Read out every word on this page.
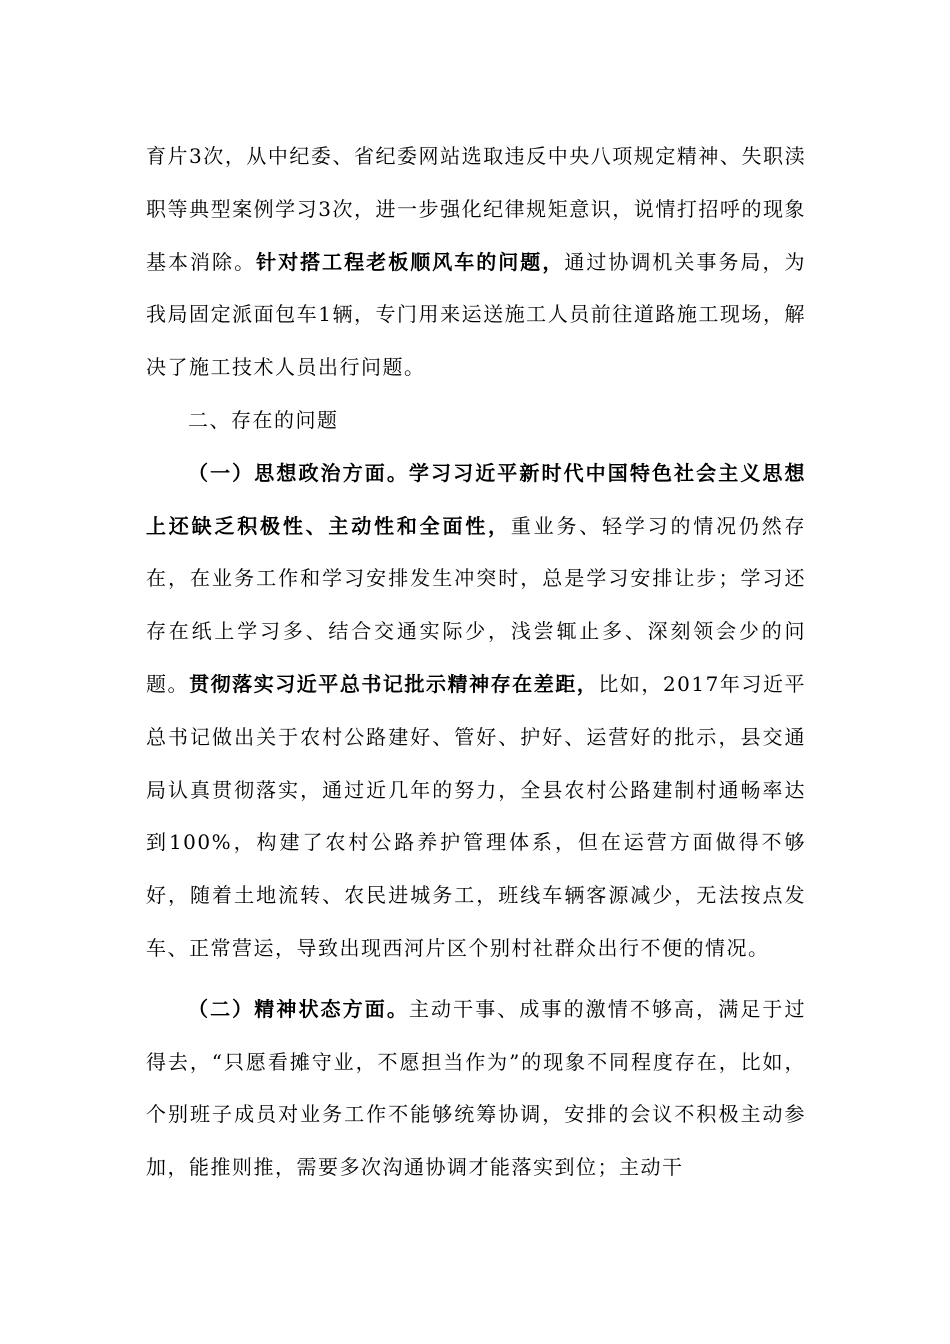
育片3次，从中纪委、省纪委网站选取违反中央八项规定精神、失职渎职等典型案例学习3次，进一步强化纪律规矩意识，说情打招呼的现象基本消除。针对搭工程老板顺风车的问题，通过协调机关事务局，为我局固定派面包车1辆，专门用来运送施工人员前往道路施工现场，解决了施工技术人员出行问题。

二、存在的问题

（一）思想政治方面。学习习近平新时代中国特色社会主义思想上还缺乏积极性、主动性和全面性，重业务、轻学习的情况仍然存在，在业务工作和学习安排发生冲突时，总是学习安排让步；学习还存在纸上学习多、结合交通实际少，浅尝辄止多、深刻领会少的问题。贯彻落实习近平总书记批示精神存在差距，比如，2017年习近平总书记做出关于农村公路建好、管好、护好、运营好的批示，县交通局认真贯彻落实，通过近几年的努力，全县农村公路建制村通畅率达到100%，构建了农村公路养护管理体系，但在运营方面做得不够好，随着土地流转、农民进城务工，班线车辆客源减少，无法按点发车、正常营运，导致出现西河片区个别村社群众出行不便的情况。

（二）精神状态方面。主动干事、成事的激情不够高，满足于过得去，“只愿看摊守业，不愿担当作为”的现象不同程度存在，比如，个别班子成员对业务工作不能够统筹协调，安排的会议不积极主动参加，能推则推，需要多次沟通协调才能落实到位；主动干
